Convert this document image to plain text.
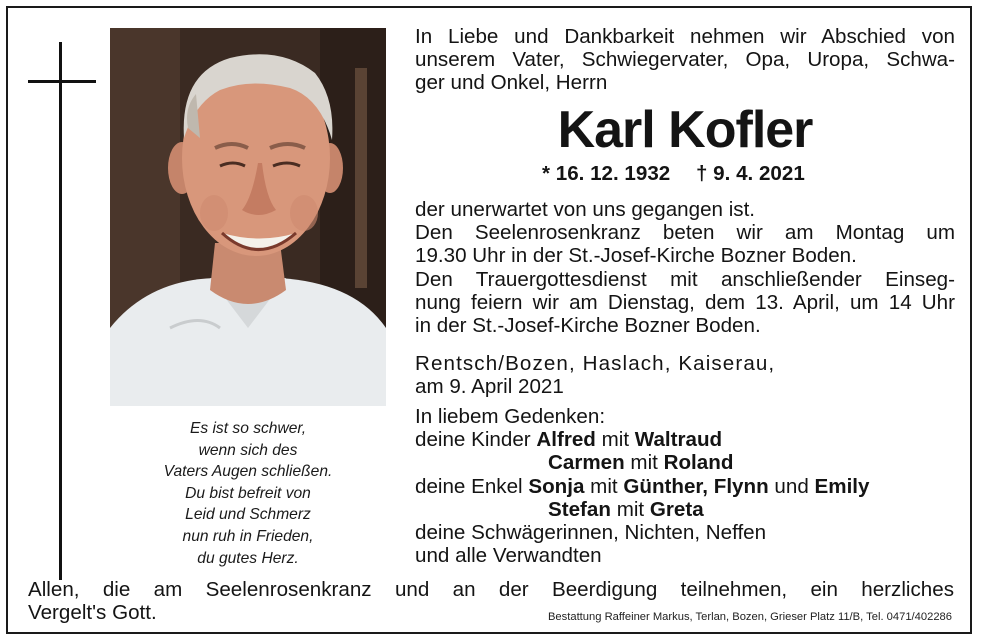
Es ist so schwer,
wenn sich des
Vaters Augen schließen.
Du bist befreit von
Leid und Schmerz
nun ruh in Frieden,
du gutes Herz.
In Liebe und Dankbarkeit nehmen wir Abschied von
unserem Vater, Schwiegervater, Opa, Uropa, Schwa-
ger und Onkel, Herrn
Karl Kofler
* 16. 12. 1932 † 9. 4. 2021
der unerwartet von uns gegangen ist.
Den Seelenrosenkranz beten wir am Montag um
19.30 Uhr in der St.-Josef-Kirche Bozner Boden.
Den Trauergottesdienst mit anschließender Einseg-
nung feiern wir am Dienstag, dem 13. April, um 14 Uhr
in der St.-Josef-Kirche Bozner Boden.
Rentsch/Bozen, Haslach, Kaiserau,
am 9. April 2021
In liebem Gedenken:
deine Kinder Alfred mit Waltraud
Carmen mit Roland
deine Enkel Sonja mit Günther, Flynn und Emily
Stefan mit Greta
deine Schwägerinnen, Nichten, Neffen
und alle Verwandten
Allen, die am Seelenrosenkranz und an der Beerdigung teilnehmen, ein herzliches
Vergelt's Gott.	Bestattung Raffeiner Markus, Terlan, Bozen, Grieser Platz 11/B, Tel. 0471/402286
